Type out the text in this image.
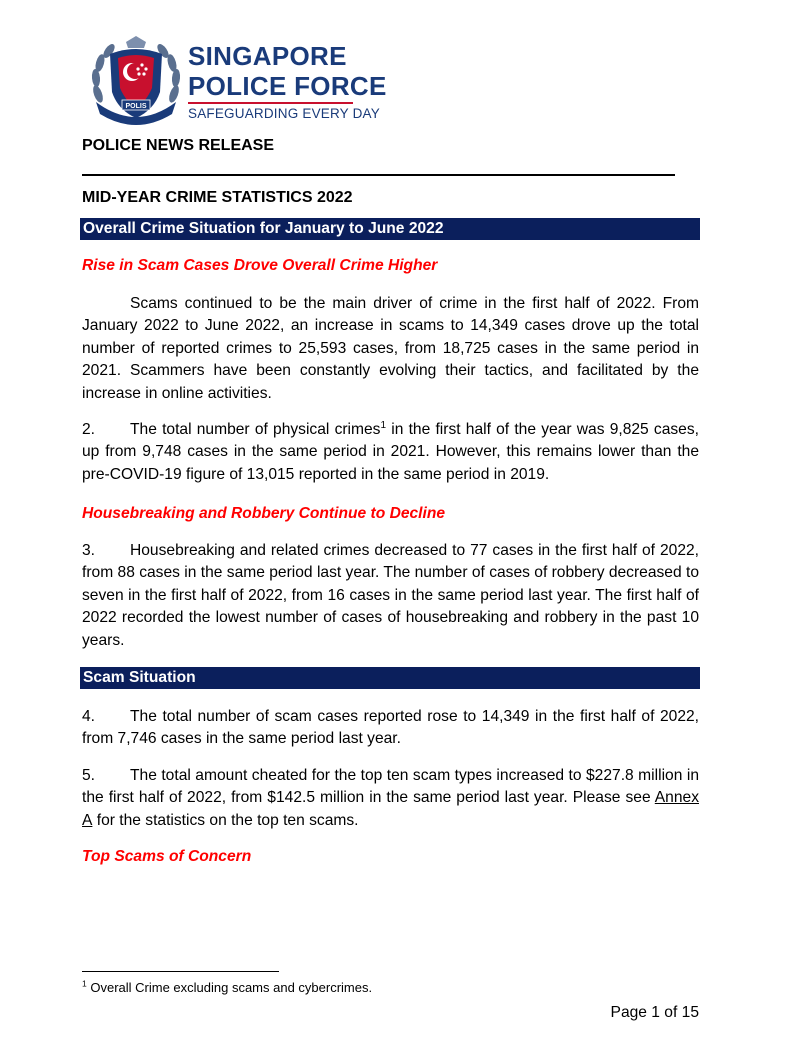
POLIS
SINGAPORE
POLICE FORCE
SAFEGUARDING EVERY DAY
POLICE NEWS RELEASE
MID-YEAR CRIME STATISTICS 2022
Overall Crime Situation for January to June 2022
Rise in Scam Cases Drove Overall Crime Higher
Scams continued to be the main driver of crime in the first half of 2022. From January 2022 to June 2022, an increase in scams to 14,349 cases drove up the total number of reported crimes to 25,593 cases, from 18,725 cases in the same period in 2021. Scammers have been constantly evolving their tactics, and facilitated by the increase in online activities.
2. The total number of physical crimes$^1$ in the first half of the year was 9,825 cases, up from 9,748 cases in the same period in 2021. However, this remains lower than the pre-COVID-19 figure of 13,015 reported in the same period in 2019.
Housebreaking and Robbery Continue to Decline
3. Housebreaking and related crimes decreased to 77 cases in the first half of 2022, from 88 cases in the same period last year. The number of cases of robbery decreased to seven in the first half of 2022, from 16 cases in the same period last year. The first half of 2022 recorded the lowest number of cases of housebreaking and robbery in the past 10 years.
Scam Situation
4. The total number of scam cases reported rose to 14,349 in the first half of 2022, from 7,746 cases in the same period last year.
5. The total amount cheated for the top ten scam types increased to $227.8 million in the first half of 2022, from $142.5 million in the same period last year. Please see Annex A for the statistics on the top ten scams.
Top Scams of Concern
$^1$ Overall Crime excluding scams and cybercrimes.
Page 1 of 15
